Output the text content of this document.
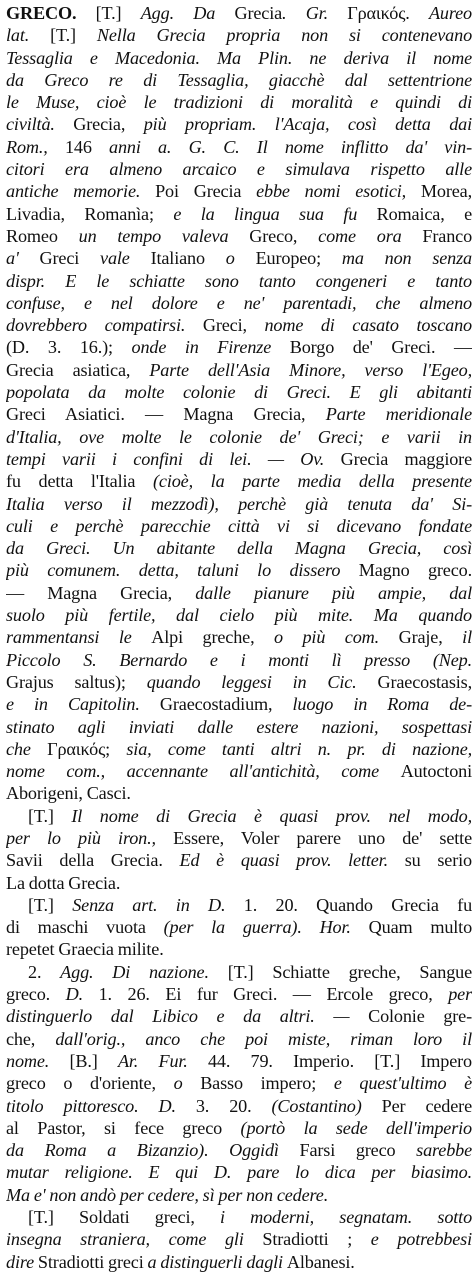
GRECO. [T.] Agg. Da Grecia. Gr. Γραικός. Aureo
lat. [T.] Nella Grecia propria non si contenevano
Tessaglia e Macedonia. Ma Plin. ne deriva il nome
da Greco re di Tessaglia, giacchè dal settentrione
le Muse, cioè le tradizioni di moralità e quindi di
civiltà. Grecia, più propriam. l'Acaja, così detta dai
Rom., 146 anni a. G. C. Il nome inflitto da' vin-
citori era almeno arcaico e simulava rispetto alle
antiche memorie. Poi Grecia ebbe nomi esotici, Morea,
Livadia, Romanìa; e la lingua sua fu Romaica, e
Romeo un tempo valeva Greco, come ora Franco
a' Greci vale Italiano o Europeo; ma non senza
dispr. E le schiatte sono tanto congeneri e tanto
confuse, e nel dolore e ne' parentadi, che almeno
dovrebbero compatirsi. Greci, nome di casato toscano
(D. 3. 16.); onde in Firenze Borgo de' Greci. —
Grecia asiatica, Parte dell'Asia Minore, verso l'Egeo,
popolata da molte colonie di Greci. E gli abitanti
Greci Asiatici. — Magna Grecia, Parte meridionale
d'Italia, ove molte le colonie de' Greci; e varii in
tempi varii i confini di lei. — Ov. Grecia maggiore
fu detta l'Italia (cioè, la parte media della presente
Italia verso il mezzodì), perchè già tenuta da' Si-
culi e perchè parecchie città vi si dicevano fondate
da Greci. Un abitante della Magna Grecia, così
più comunem. detta, taluni lo dissero Magno greco.
— Magna Grecia, dalle pianure più ampie, dal
suolo più fertile, dal cielo più mite. Ma quando
rammentansi le Alpi greche, o più com. Graje, il
Piccolo S. Bernardo e i monti lì presso (Nep.
Grajus saltus); quando leggesi in Cic. Graecostasis,
e in Capitolin. Graecostadium, luogo in Roma de-
stinato agli inviati dalle estere nazioni, sospettasi
che Γραικός; sia, come tanti altri n. pr. di nazione,
nome com., accennante all'antichità, come Autoctoni
Aborigeni, Casci.
[T.] Il nome di Grecia è quasi prov. nel modo,
per lo più iron., Essere, Voler parere uno de' sette
Savii della Grecia. Ed è quasi prov. letter. su serio
La dotta Grecia.
[T.] Senza art. in D. 1. 20. Quando Grecia fu
di maschi vuota (per la guerra). Hor. Quam multo
repetet Graecia milite.
2. Agg. Di nazione. [T.] Schiatte greche, Sangue
greco. D. 1. 26. Ei fur Greci. — Ercole greco, per
distinguerlo dal Libico e da altri. — Colonie gre-
che, dall'orig., anco che poi miste, riman loro il
nome. [B.] Ar. Fur. 44. 79. Imperio. [T.] Impero
greco o d'oriente, o Basso impero; e quest'ultimo è
titolo pittoresco. D. 3. 20. (Costantino) Per cedere
al Pastor, si fece greco (portò la sede dell'imperio
da Roma a Bizanzio). Oggidì Farsi greco sarebbe
mutar religione. E qui D. pare lo dica per biasimo.
Ma e' non andò per cedere, sì per non cedere.
[T.] Soldati greci, i moderni, segnatam. sotto
insegna straniera, come gli Stradiotti ; e potrebbesi
dire Stradiotti greci a distinguerli dagli Albanesi.
